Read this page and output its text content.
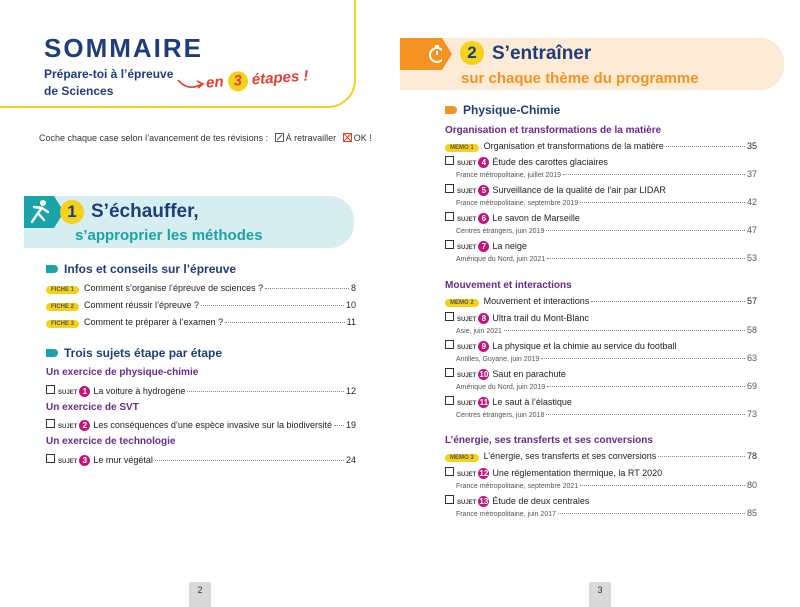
SOMMAIRE
Prépare-toi à l’épreuve
de Sciences	en 3 étapes !
Coche chaque case selon l’avancement de tes révisions : À retravailler OK !
1 S’échauffer,
s’approprier les méthodes
Infos et conseils sur l’épreuve
FICHE 1	Comment s’organise l’épreuve de sciences ?	8
FICHE 2	Comment réussir l’épreuve ?	10
FICHE 3	Comment te préparer à l’examen ?	11
Trois sujets étape par étape
Un exercice de physique-chimie
SUJET 1 La voiture à hydrogène	12
Un exercice de SVT
SUJET 2 Les conséquences d’une espèce invasive sur la biodiversité 19
Un exercice de technologie
SUJET 3 Le mur végétal	24
2
2 S’entraîner
sur chaque thème du programme
Physique-Chimie
Organisation et transformations de la matière
MEMO 1	Organisation et transformations de la matière	35
SUJET 4 Étude des carottes glaciaires
France métropolitaine, juillet 2019	37
SUJET 5 Surveillance de la qualité de l’air par LIDAR
France métropolitaine, septembre 2019	42
SUJET 6 Le savon de Marseille
Centres étrangers, juin 2019	47
SUJET 7 La neige
Amérique du Nord, juin 2021	53
Mouvement et interactions
MEMO 2	Mouvement et interactions	57
SUJET 8 Ultra trail du Mont-Blanc
Asie, juin 2021	58
SUJET 9 La physique et la chimie au service du football
Antilles, Guyane, juin 2019	63
SUJET 10 Saut en parachute
Amérique du Nord, juin 2019	69
SUJET 11 Le saut à l’élastique
Centres étrangers, juin 2018	73
L’énergie, ses transferts et ses conversions
MEMO 3	L’énergie, ses transferts et ses conversions	78
SUJET 12 Une réglementation thermique, la RT 2020
France métropolitaine, septembre 2021	80
SUJET 13 Étude de deux centrales
France métropolitaine, juin 2017	85
3
